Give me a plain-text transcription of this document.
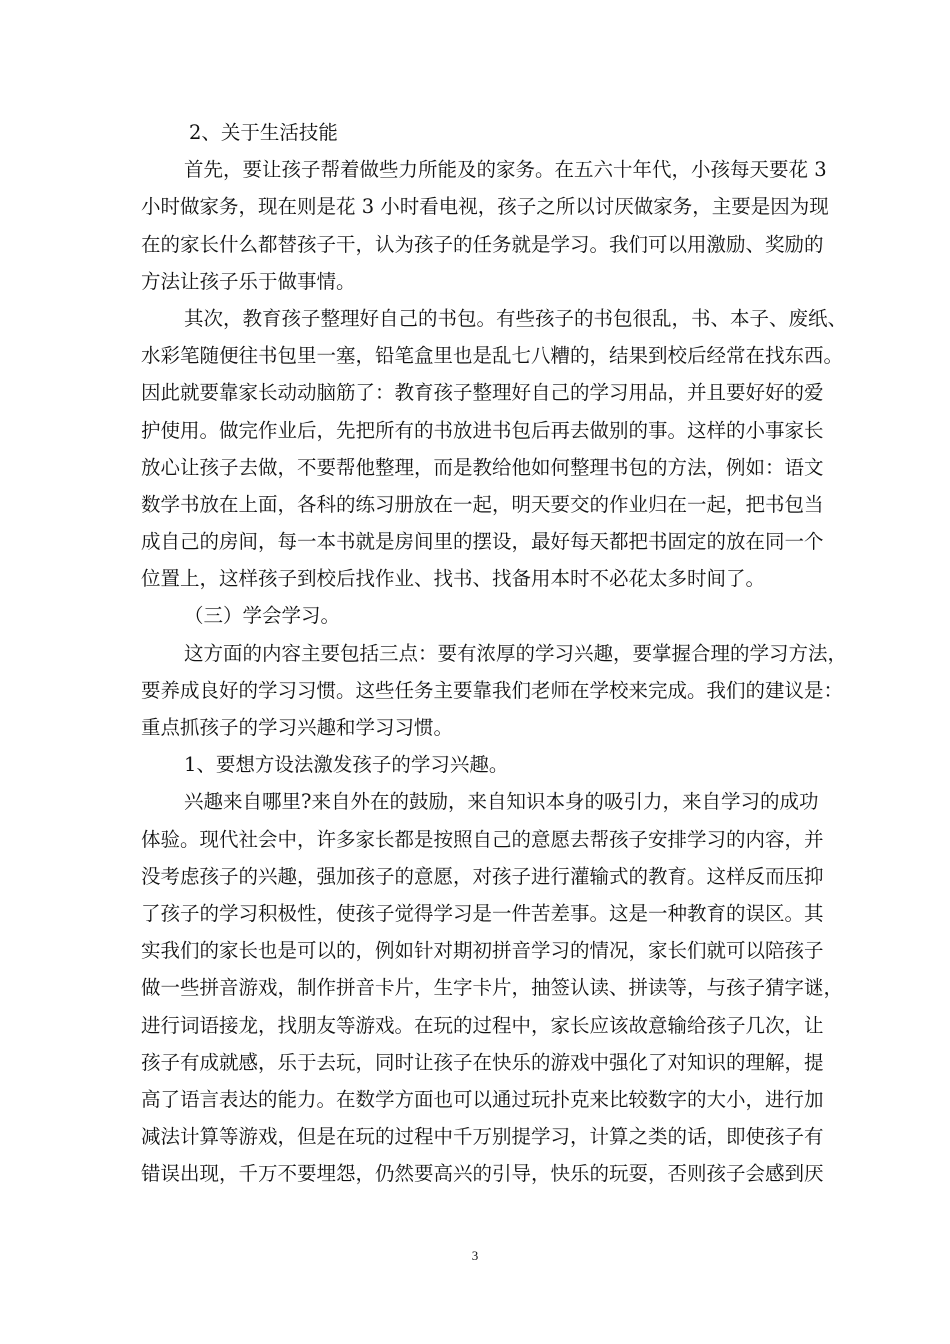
2、关于生活技能
首先，要让孩子帮着做些力所能及的家务。在五六十年代，小孩每天要花 3
小时做家务，现在则是花 3 小时看电视，孩子之所以讨厌做家务，主要是因为现
在的家长什么都替孩子干，认为孩子的任务就是学习。我们可以用激励、奖励的
方法让孩子乐于做事情。
其次，教育孩子整理好自己的书包。有些孩子的书包很乱，书、本子、废纸、
水彩笔随便往书包里一塞，铅笔盒里也是乱七八糟的，结果到校后经常在找东西。
因此就要靠家长动动脑筋了：教育孩子整理好自己的学习用品，并且要好好的爱
护使用。做完作业后，先把所有的书放进书包后再去做别的事。这样的小事家长
放心让孩子去做，不要帮他整理，而是教给他如何整理书包的方法，例如：语文
数学书放在上面，各科的练习册放在一起，明天要交的作业归在一起，把书包当
成自己的房间，每一本书就是房间里的摆设，最好每天都把书固定的放在同一个
位置上，这样孩子到校后找作业、找书、找备用本时不必花太多时间了。
（三）学会学习。
这方面的内容主要包括三点：要有浓厚的学习兴趣，要掌握合理的学习方法，
要养成良好的学习习惯。这些任务主要靠我们老师在学校来完成。我们的建议是：
重点抓孩子的学习兴趣和学习习惯。
1、要想方设法激发孩子的学习兴趣。
兴趣来自哪里?来自外在的鼓励，来自知识本身的吸引力，来自学习的成功
体验。现代社会中，许多家长都是按照自己的意愿去帮孩子安排学习的内容，并
没考虑孩子的兴趣，强加孩子的意愿，对孩子进行灌输式的教育。这样反而压抑
了孩子的学习积极性，使孩子觉得学习是一件苦差事。这是一种教育的误区。其
实我们的家长也是可以的，例如针对期初拼音学习的情况，家长们就可以陪孩子
做一些拼音游戏，制作拼音卡片，生字卡片，抽签认读、拼读等，与孩子猜字谜，
进行词语接龙，找朋友等游戏。在玩的过程中，家长应该故意输给孩子几次，让
孩子有成就感，乐于去玩，同时让孩子在快乐的游戏中强化了对知识的理解，提
高了语言表达的能力。在数学方面也可以通过玩扑克来比较数字的大小，进行加
减法计算等游戏，但是在玩的过程中千万别提学习，计算之类的话，即使孩子有
错误出现，千万不要埋怨，仍然要高兴的引导，快乐的玩耍，否则孩子会感到厌
3
